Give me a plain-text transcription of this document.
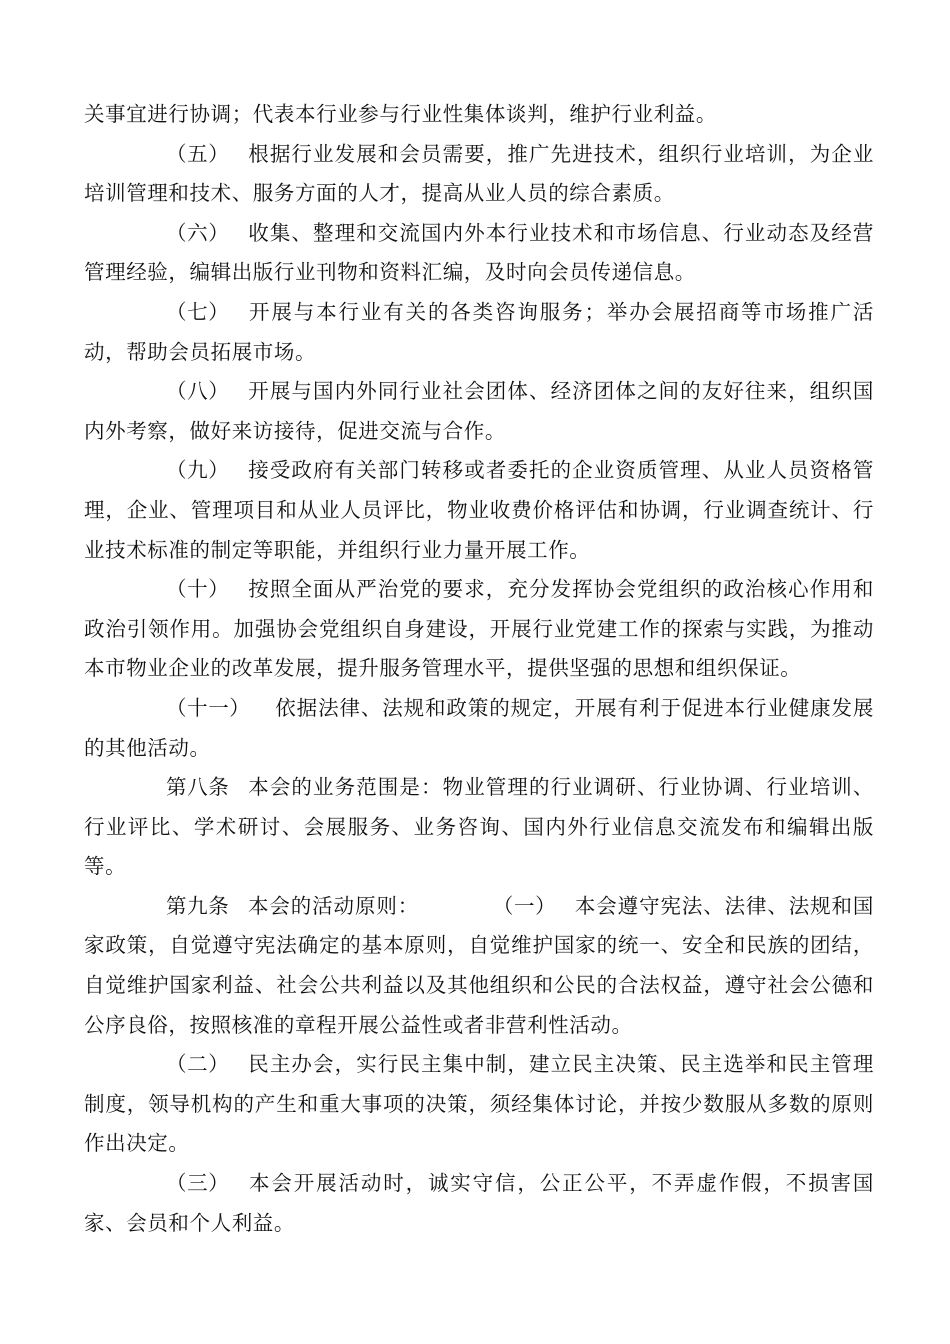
关事宜进行协调；代表本行业参与行业性集体谈判，维护行业利益。

（五） 根据行业发展和会员需要，推广先进技术，组织行业培训，为企业培训管理和技术、服务方面的人才，提高从业人员的综合素质。

（六） 收集、整理和交流国内外本行业技术和市场信息、行业动态及经营管理经验，编辑出版行业刊物和资料汇编，及时向会员传递信息。

（七） 开展与本行业有关的各类咨询服务；举办会展招商等市场推广活动，帮助会员拓展市场。

（八） 开展与国内外同行业社会团体、经济团体之间的友好往来，组织国内外考察，做好来访接待，促进交流与合作。

（九） 接受政府有关部门转移或者委托的企业资质管理、从业人员资格管理，企业、管理项目和从业人员评比，物业收费价格评估和协调，行业调查统计、行业技术标准的制定等职能，并组织行业力量开展工作。

（十） 按照全面从严治党的要求，充分发挥协会党组织的政治核心作用和政治引领作用。加强协会党组织自身建设，开展行业党建工作的探索与实践，为推动本市物业企业的改革发展，提升服务管理水平，提供坚强的思想和组织保证。

（十一） 依据法律、法规和政策的规定，开展有利于促进本行业健康发展的其他活动。

第八条 本会的业务范围是：物业管理的行业调研、行业协调、行业培训、行业评比、学术研讨、会展服务、业务咨询、国内外行业信息交流发布和编辑出版等。

第九条 本会的活动原则：	（一） 本会遵守宪法、法律、法规和国家政策，自觉遵守宪法确定的基本原则，自觉维护国家的统一、安全和民族的团结，自觉维护国家利益、社会公共利益以及其他组织和公民的合法权益，遵守社会公德和公序良俗，按照核准的章程开展公益性或者非营利性活动。

（二） 民主办会，实行民主集中制，建立民主决策、民主选举和民主管理制度，领导机构的产生和重大事项的决策，须经集体讨论，并按少数服从多数的原则作出决定。

（三） 本会开展活动时，诚实守信，公正公平，不弄虚作假，不损害国家、会员和个人利益。
